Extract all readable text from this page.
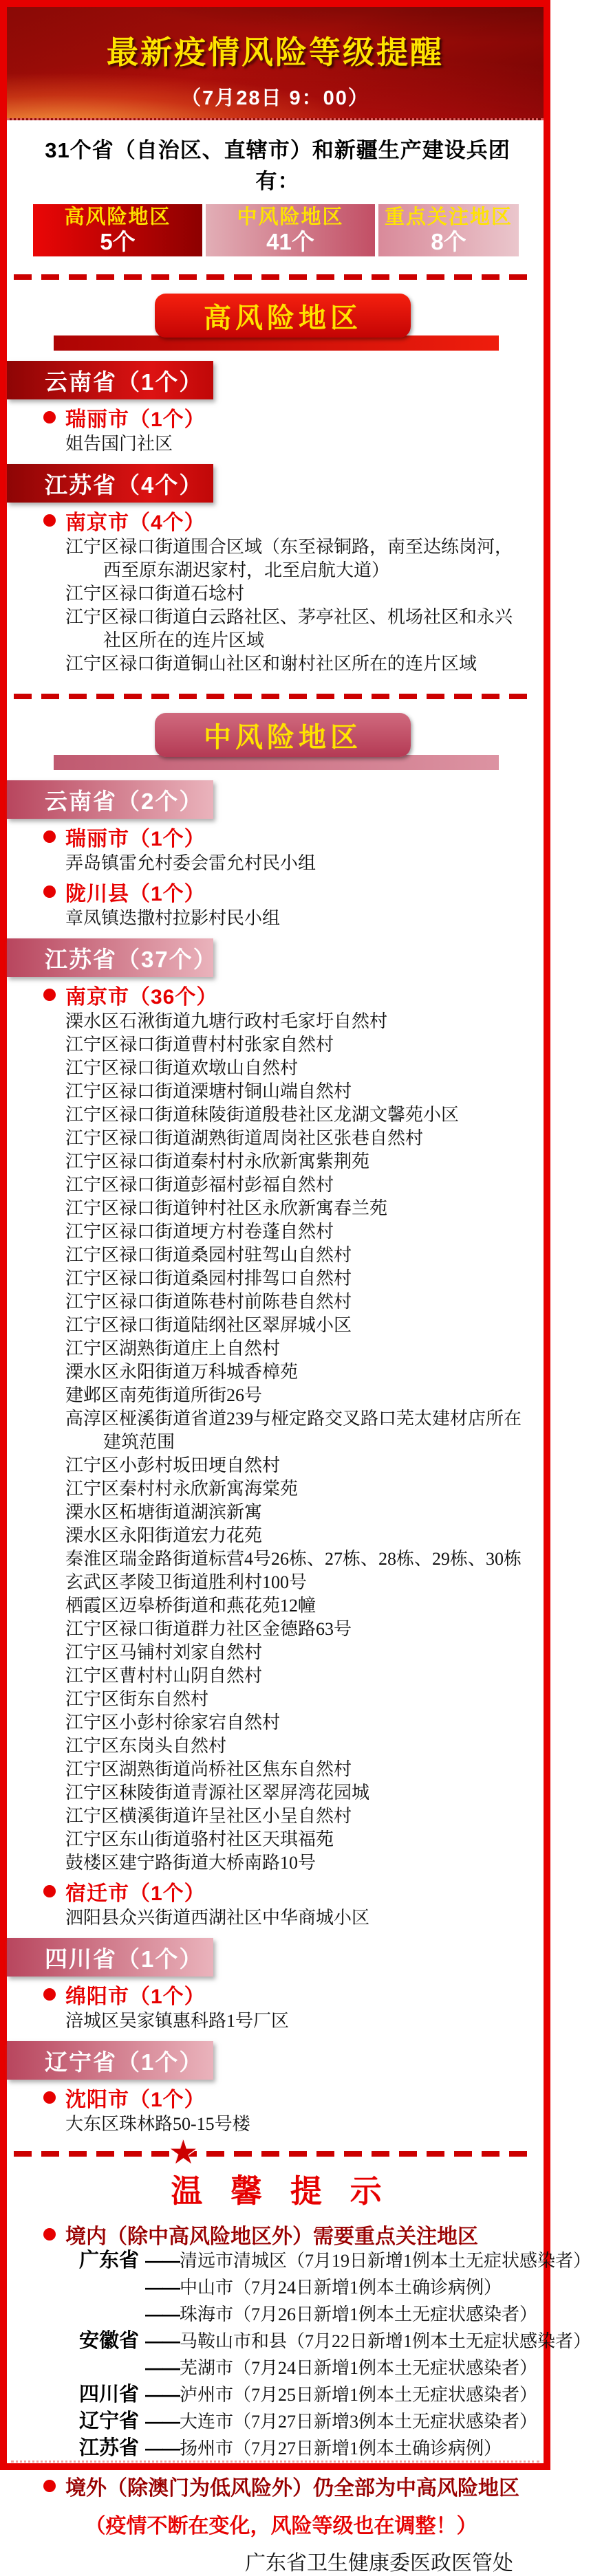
最新疫情风险等级提醒
（7月28日 9：00）
31个省（自治区、直辖市）和新疆生产建设兵团有：
高风险地区
5个
中风险地区
41个
重点关注地区
8个
高风险地区
云南省（1个）
瑞丽市（1个）
姐告国门社区
江苏省（4个）
南京市（4个）
江宁区禄口街道围合区域（东至禄铜路，南至达练岗河，西至原东湖迟家村，北至启航大道）
江宁区禄口街道石埝村
江宁区禄口街道白云路社区、茅亭社区、机场社区和永兴社区所在的连片区域
江宁区禄口街道铜山社区和谢村社区所在的连片区域
中风险地区
云南省（2个）
瑞丽市（1个）
弄岛镇雷允村委会雷允村民小组
陇川县（1个）
章凤镇迭撒村拉影村民小组
江苏省（37个）
南京市（36个）
溧水区石湫街道九塘行政村毛家圩自然村
江宁区禄口街道曹村村张家自然村
江宁区禄口街道欢墩山自然村
江宁区禄口街道溧塘村铜山端自然村
江宁区禄口街道秣陵街道殷巷社区龙湖文馨苑小区
江宁区禄口街道湖熟街道周岗社区张巷自然村
江宁区禄口街道秦村村永欣新寓紫荆苑
江宁区禄口街道彭福村彭福自然村
江宁区禄口街道钟村社区永欣新寓春兰苑
江宁区禄口街道埂方村卷蓬自然村
江宁区禄口街道桑园村驻驾山自然村
江宁区禄口街道桑园村排驾口自然村
江宁区禄口街道陈巷村前陈巷自然村
江宁区禄口街道陆纲社区翠屏城小区
江宁区湖熟街道庄上自然村
溧水区永阳街道万科城香樟苑
建邺区南苑街道所街26号
高淳区桠溪街道省道239与桠定路交叉路口芜太建材店所在建筑范围
江宁区小彭村坂田埂自然村
江宁区秦村村永欣新寓海棠苑
溧水区柘塘街道湖滨新寓
溧水区永阳街道宏力花苑
秦淮区瑞金路街道标营4号26栋、27栋、28栋、29栋、30栋
玄武区孝陵卫街道胜利村100号
栖霞区迈皋桥街道和燕花苑12幢
江宁区禄口街道群力社区金德路63号
江宁区马铺村刘家自然村
江宁区曹村村山阴自然村
江宁区街东自然村
江宁区小彭村徐家宕自然村
江宁区东岗头自然村
江宁区湖熟街道尚桥社区焦东自然村
江宁区秣陵街道青源社区翠屏湾花园城
江宁区横溪街道许呈社区小呈自然村
江宁区东山街道骆村社区天琪福苑
鼓楼区建宁路街道大桥南路10号
宿迁市（1个）
泗阳县众兴街道西湖社区中华商城小区
四川省（1个）
绵阳市（1个）
涪城区吴家镇惠科路1号厂区
辽宁省（1个）
沈阳市（1个）
大东区珠林路50-15号楼
★
温 馨 提 示
境内（除中高风险地区外）需要重点关注地区
广东省 ——清远市清城区（7月19日新增1例本土无症状感染者）
——中山市（7月24日新增1例本土确诊病例）
——珠海市（7月26日新增1例本土无症状感染者）
安徽省 ——马鞍山市和县（7月22日新增1例本土无症状感染者）
——芜湖市（7月24日新增1例本土无症状感染者）
四川省 ——泸州市（7月25日新增1例本土无症状感染者）
辽宁省 ——大连市（7月27日新增3例本土无症状感染者）
江苏省 ——扬州市（7月27日新增1例本土确诊病例）
境外（除澳门为低风险外）仍全部为中高风险地区
（疫情不断在变化，风险等级也在调整！）
广东省卫生健康委医政医管处
